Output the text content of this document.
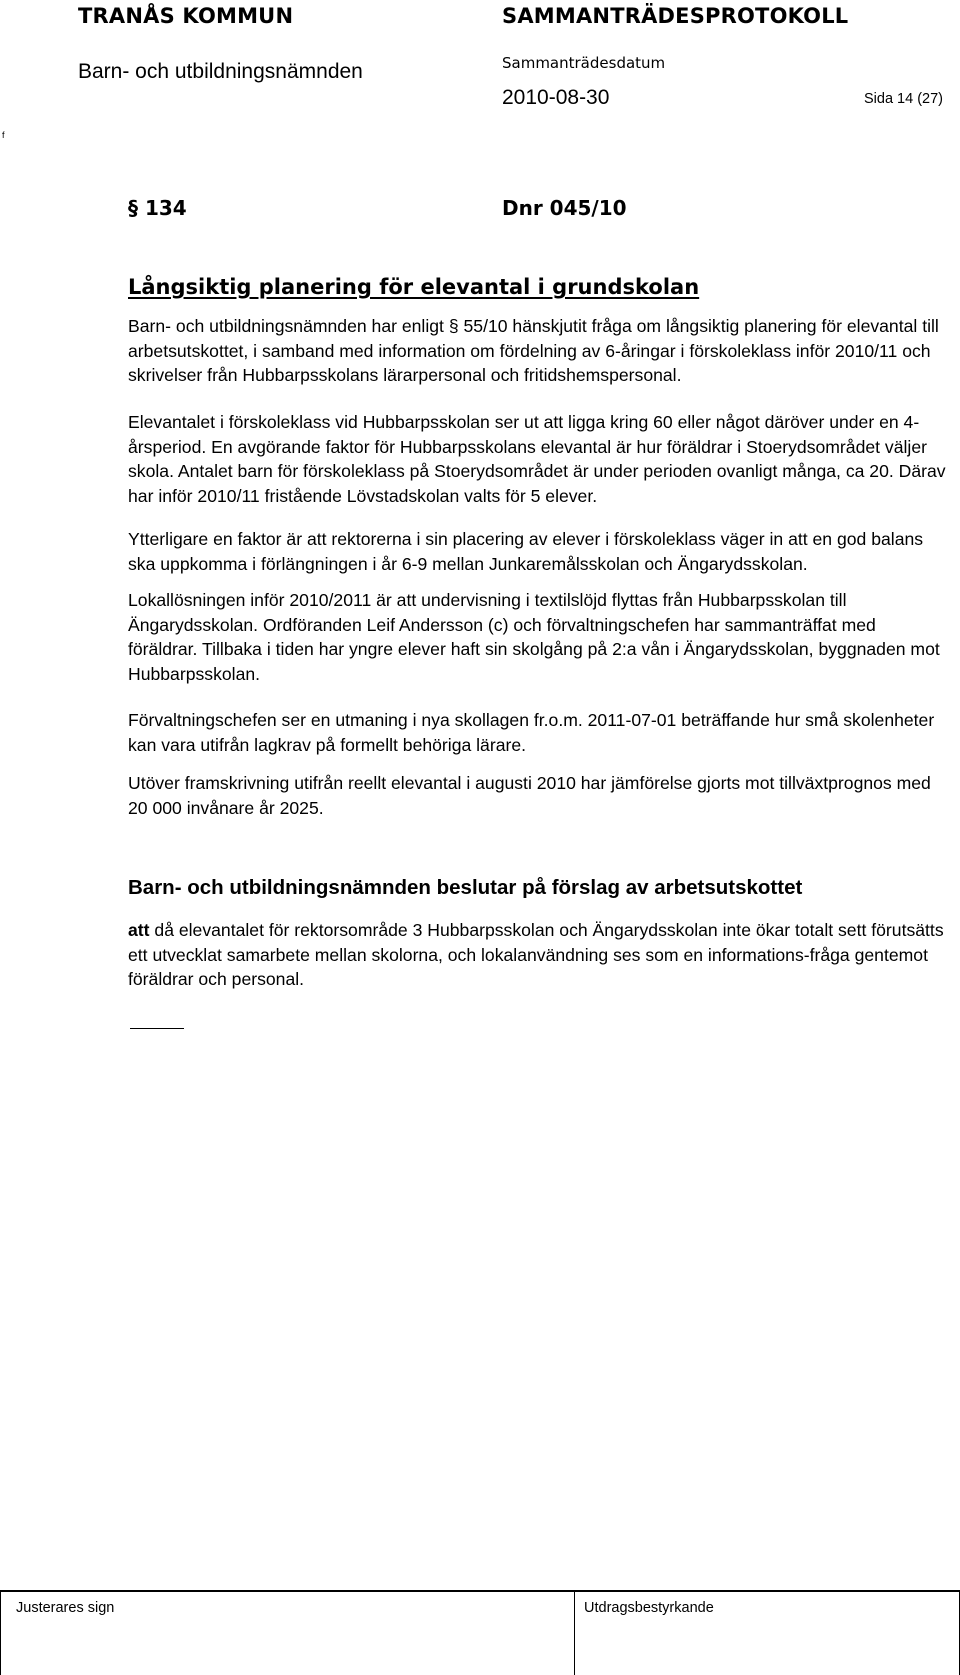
TRANÅS KOMMUN
Barn- och utbildningsnämnden
SAMMANTRÄDESPROTOKOLL
Sammanträdesdatum
2010-08-30	Sida 14 (27)
f
§ 134	Dnr 045/10
Långsiktig planering för elevantal i grundskolan

Barn- och utbildningsnämnden har enligt § 55/10 hänskjutit fråga om långsiktig planering för elevantal till arbetsutskottet, i samband med information om fördelning av 6-åringar i förskoleklass inför 2010/11 och skrivelser från Hubbarpsskolans lärarpersonal och fritidshemspersonal.

Elevantalet i förskoleklass vid Hubbarpsskolan ser ut att ligga kring 60 eller något däröver under en 4-årsperiod. En avgörande faktor för Hubbarpsskolans elevantal är hur föräldrar i Stoerydsområdet väljer skola. Antalet barn för förskoleklass på Stoerydsområdet är under perioden ovanligt många, ca 20. Därav har inför 2010/11 fristående Lövstadskolan valts för 5 elever.

Ytterligare en faktor är att rektorerna i sin placering av elever i förskoleklass väger in att en god balans ska uppkomma i förlängningen i år 6-9 mellan Junkaremålsskolan och Ängarydsskolan.

Lokallösningen inför 2010/2011 är att undervisning i textilslöjd flyttas från Hubbarpsskolan till Ängarydsskolan. Ordföranden Leif Andersson (c) och förvaltningschefen har sammanträffat med föräldrar. Tillbaka i tiden har yngre elever haft sin skolgång på 2:a vån i Ängarydsskolan, byggnaden mot Hubbarpsskolan.

Förvaltningschefen ser en utmaning i nya skollagen fr.o.m. 2011-07-01 beträffande hur små skolenheter kan vara utifrån lagkrav på formellt behöriga lärare.

Utöver framskrivning utifrån reellt elevantal i augusti 2010 har jämförelse gjorts mot tillväxtprognos med 20 000 invånare år 2025.

Barn- och utbildningsnämnden beslutar på förslag av arbetsutskottet

att då elevantalet för rektorsområde 3 Hubbarpsskolan och Ängarydsskolan inte ökar totalt sett förutsätts ett utvecklat samarbete mellan skolorna, och lokalanvändning ses som en informations-fråga gentemot föräldrar och personal.

Justerares sign	Utdragsbestyrkande
